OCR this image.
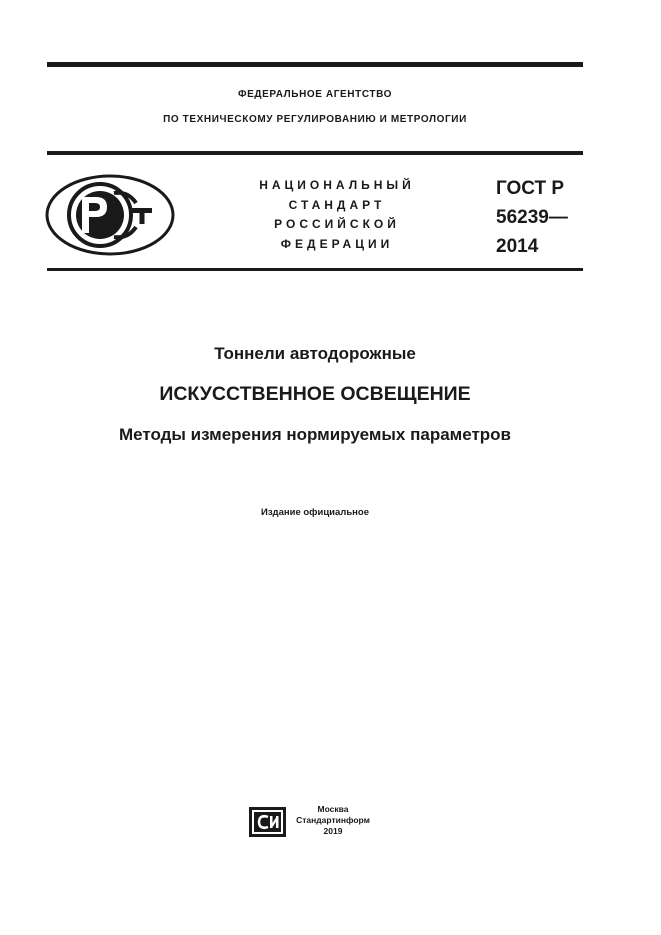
ФЕДЕРАЛЬНОЕ АГЕНТСТВО
ПО ТЕХНИЧЕСКОМУ РЕГУЛИРОВАНИЮ И МЕТРОЛОГИИ
НАЦИОНАЛЬНЫЙ
СТАНДАРТ
РОССИЙСКОЙ
ФЕДЕРАЦИИ
ГОСТ Р
56239—
2014
Тоннели автодорожные
ИСКУССТВЕННОЕ ОСВЕЩЕНИЕ
Методы измерения нормируемых параметров
Издание официальное
Москва
Стандартинформ
2019
